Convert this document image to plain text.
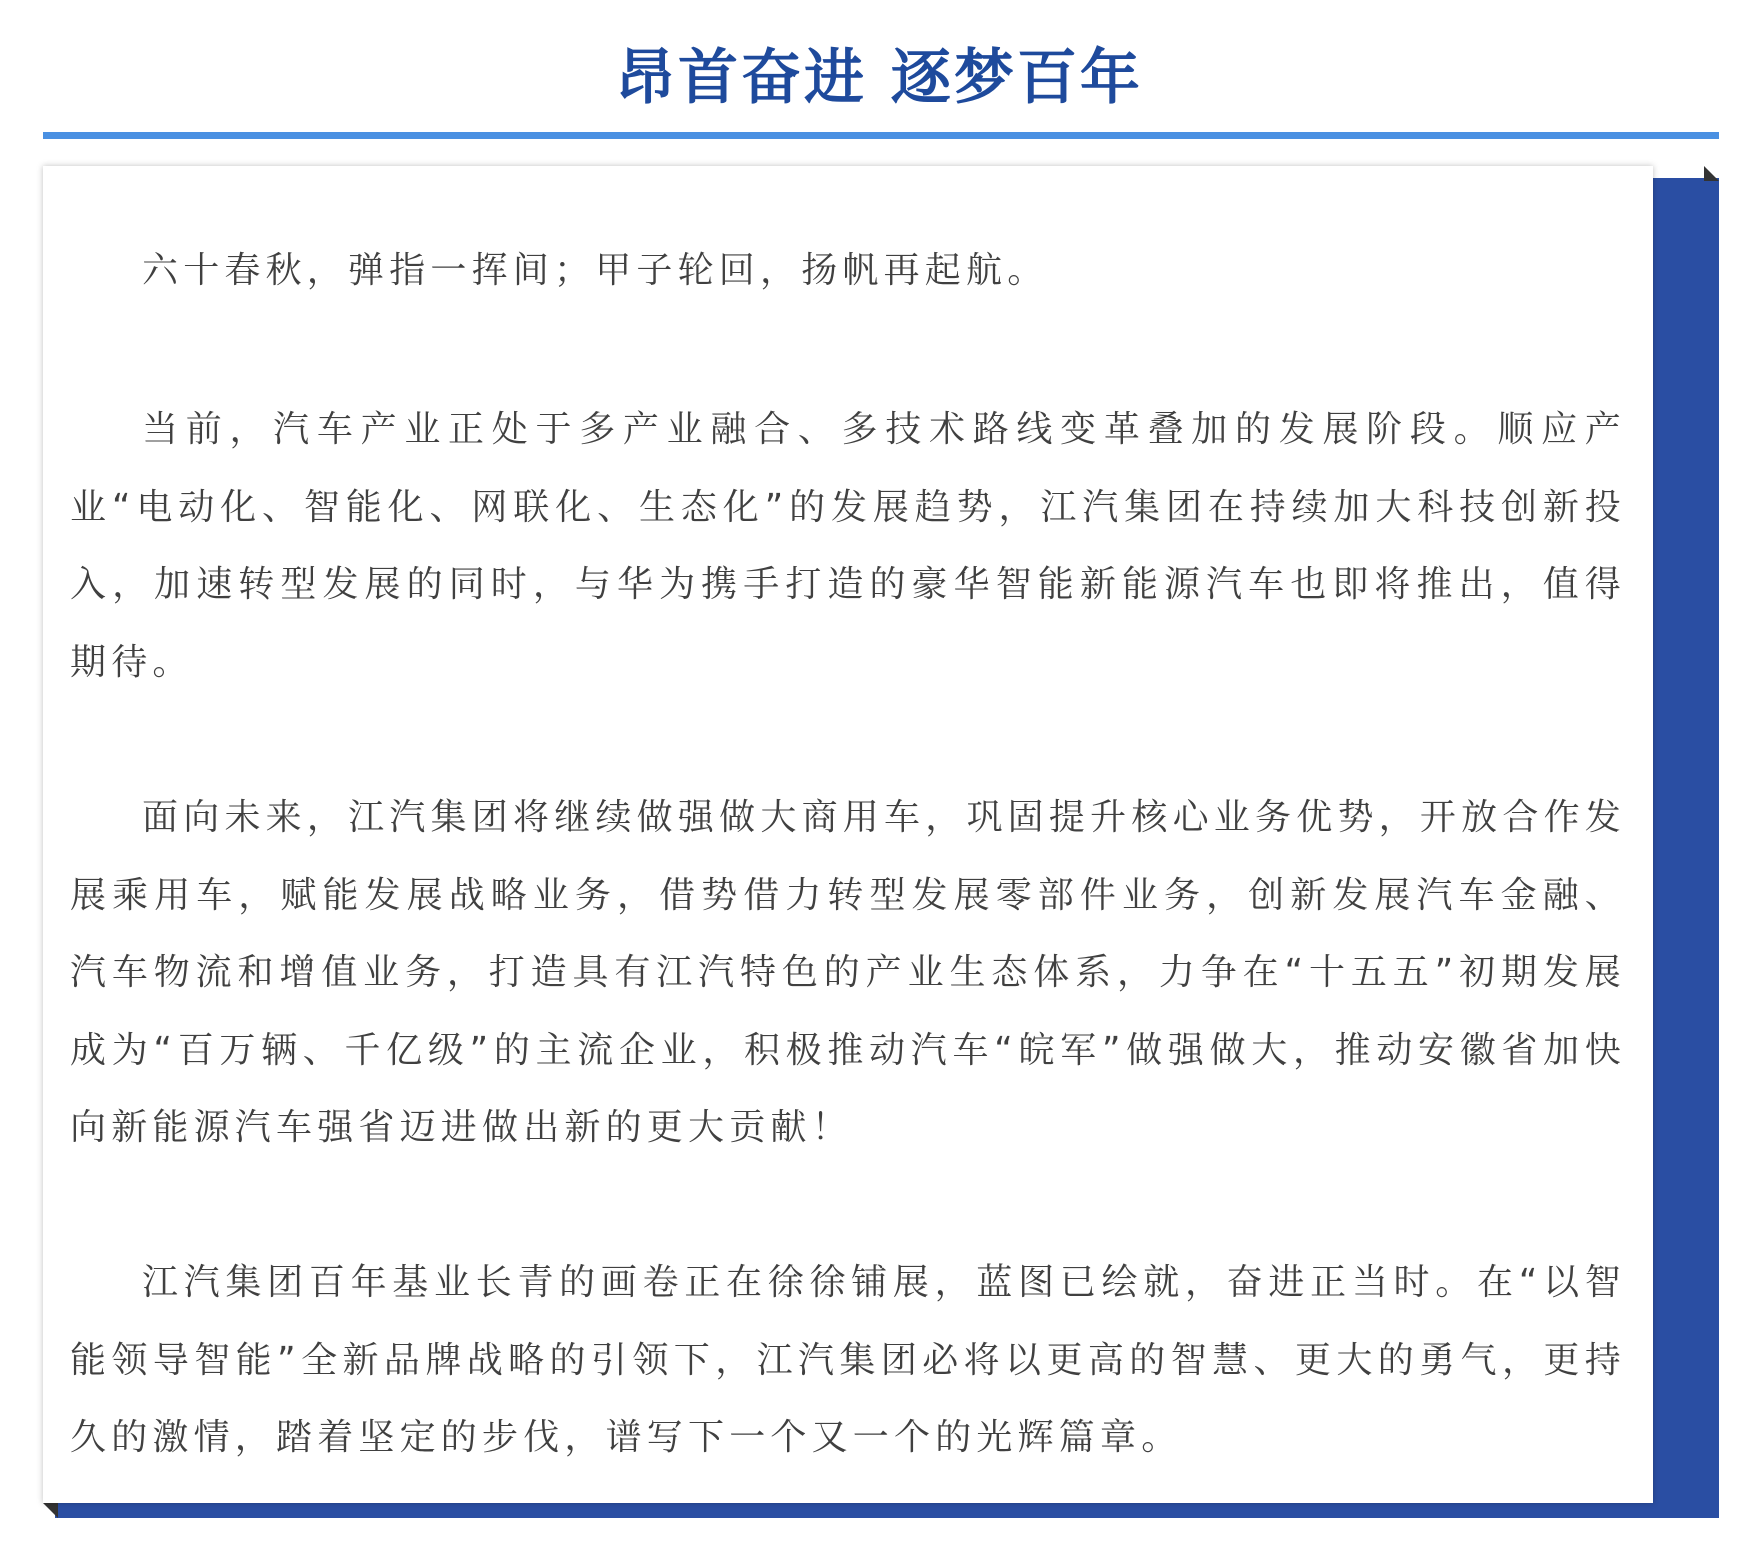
昂首奋进 逐梦百年

六十春秋，弹指一挥间；甲子轮回，扬帆再起航。

当前，汽车产业正处于多产业融合、多技术路线变革叠加的发展阶段。顺应产业“电动化、智能化、网联化、生态化”的发展趋势，江汽集团在持续加大科技创新投入，加速转型发展的同时，与华为携手打造的豪华智能新能源汽车也即将推出，值得期待。

面向未来，江汽集团将继续做强做大商用车，巩固提升核心业务优势，开放合作发展乘用车，赋能发展战略业务，借势借力转型发展零部件业务，创新发展汽车金融、汽车物流和增值业务，打造具有江汽特色的产业生态体系，力争在“十五五”初期发展成为“百万辆、千亿级”的主流企业，积极推动汽车“皖军”做强做大，推动安徽省加快向新能源汽车强省迈进做出新的更大贡献！

江汽集团百年基业长青的画卷正在徐徐铺展，蓝图已绘就，奋进正当时。在“以智能领导智能”全新品牌战略的引领下，江汽集团必将以更高的智慧、更大的勇气，更持久的激情，踏着坚定的步伐，谱写下一个又一个的光辉篇章。
